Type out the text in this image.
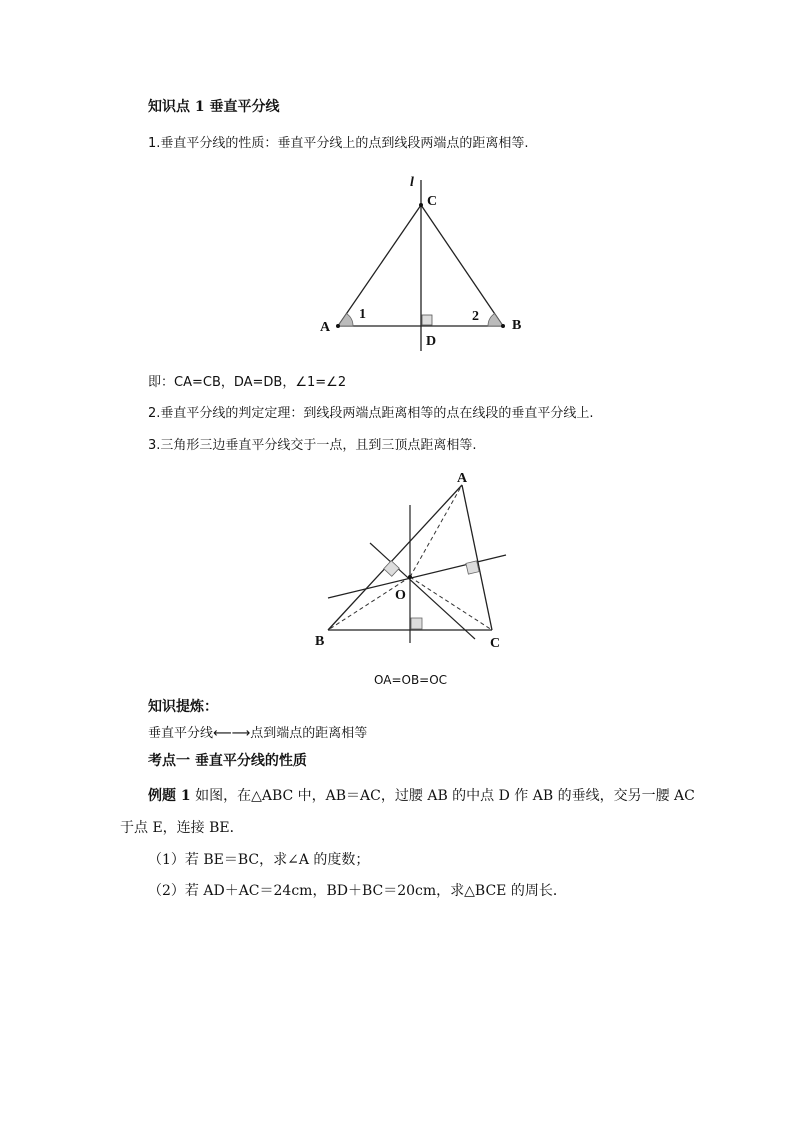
知识点 1 垂直平分线
1.垂直平分线的性质：垂直平分线上的点到线段两端点的距离相等.
l
C
A	B
D
1	2
即：CA=CB，DA=DB，∠1=∠2
2.垂直平分线的判定定理：到线段两端点距离相等的点在线段的垂直平分线上.
3.三角形三边垂直平分线交于一点，且到三顶点距离相等.
A
B	C
O
OA=OB=OC
知识提炼：
垂直平分线⟵⟶点到端点的距离相等
考点一 垂直平分线的性质
例题 1 如图，在△ABC 中，AB＝AC，过腰 AB 的中点 D 作 AB 的垂线，交另一腰 AC
于点 E，连接 BE．
（1）若 BE＝BC，求∠A 的度数；
（2）若 AD＋AC＝24cm，BD＋BC＝20cm，求△BCE 的周长．
